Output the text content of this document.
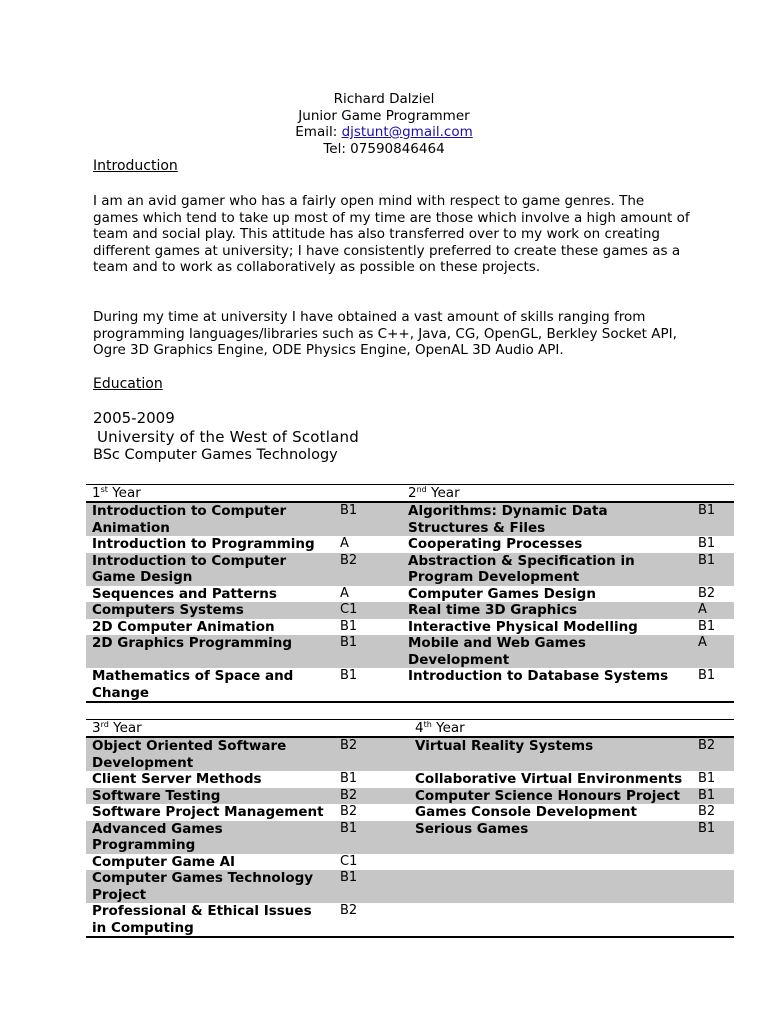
Richard Dalziel
Junior Game Programmer
Email: djstunt@gmail.com
Tel: 07590846464
Introduction
I am an avid gamer who has a fairly open mind with respect to game genres. The games which tend to take up most of my time are those which involve a high amount of team and social play. This attitude has also transferred over to my work on creating different games at university; I have consistently preferred to create these games as a team and to work as collaboratively as possible on these projects.
During my time at university I have obtained a vast amount of skills ranging from programming languages/libraries such as C++, Java, CG, OpenGL, Berkley Socket API, Ogre 3D Graphics Engine, ODE Physics Engine, OpenAL 3D Audio API.
Education
2005-2009
University of the West of Scotland
BSc Computer Games Technology
1st Year		2nd Year	
Introduction to Computer Animation	B1	Algorithms: Dynamic Data Structures & Files	B1
Introduction to Programming	A	Cooperating Processes	B1
Introduction to Computer Game Design	B2	Abstraction & Specification in Program Development	B1
Sequences and Patterns	A	Computer Games Design	B2
Computers Systems	C1	Real time 3D Graphics	A
2D Computer Animation	B1	Interactive Physical Modelling	B1
2D Graphics Programming	B1	Mobile and Web Games Development	A
Mathematics of Space and Change	B1	Introduction to Database Systems	B1
3rd Year		4th Year	
Object Oriented Software Development	B2	Virtual Reality Systems	B2
Client Server Methods	B1	Collaborative Virtual Environments	B1
Software Testing	B2	Computer Science Honours Project	B1
Software Project Management	B2	Games Console Development	B2
Advanced Games Programming	B1	Serious Games	B1
Computer Game AI	C1		
Computer Games Technology Project	B1		
Professional & Ethical Issues in Computing	B2		
